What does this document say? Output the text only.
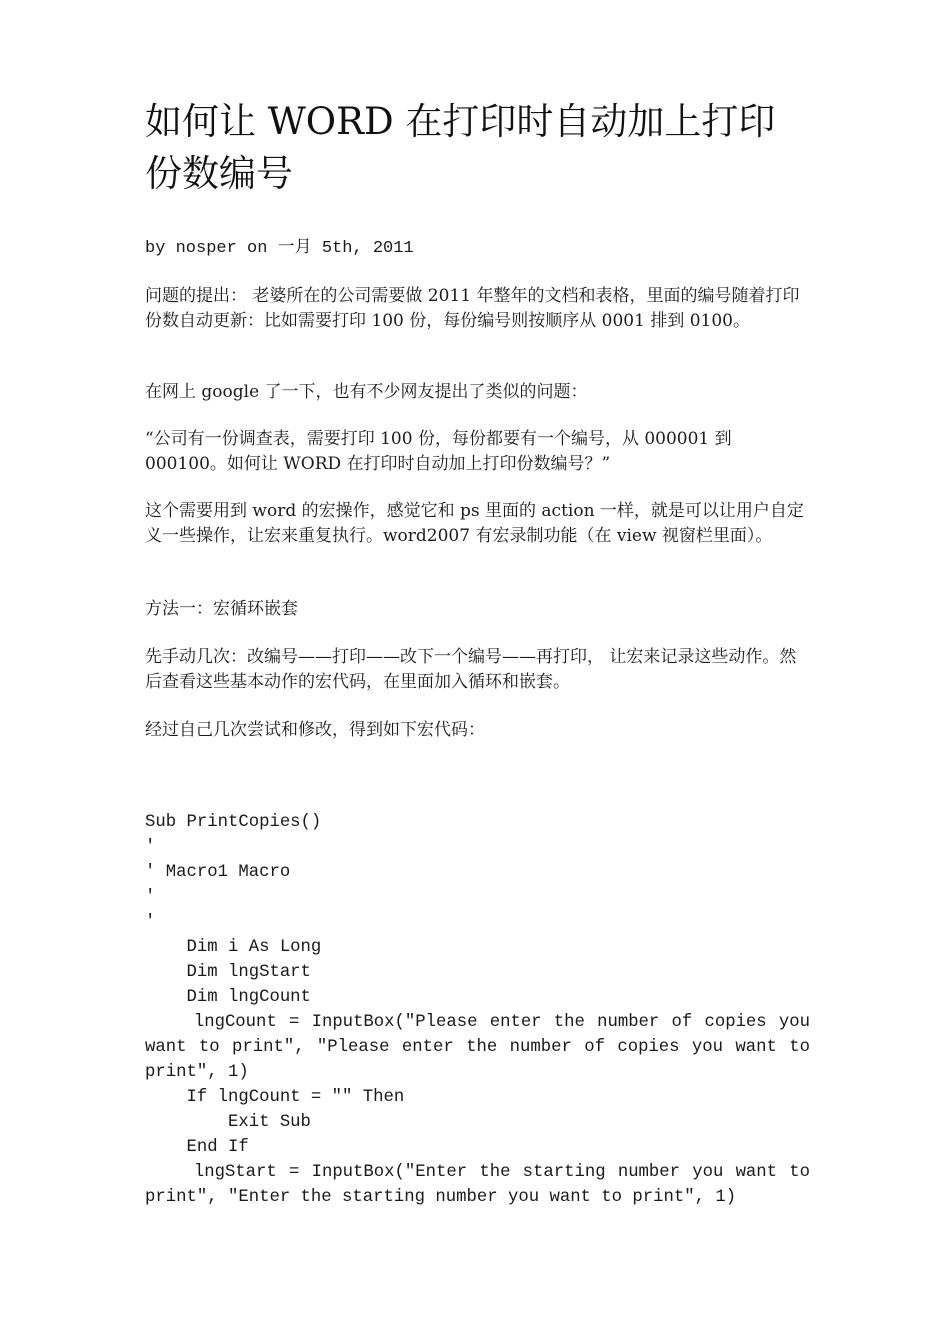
如何让 WORD 在打印时自动加上打印份数编号
by nosper on 一月 5th, 2011

问题的提出： 老婆所在的公司需要做 2011 年整年的文档和表格，里面的编号随着打印份数自动更新：比如需要打印 100 份，每份编号则按顺序从 0001 排到 0100。

在网上 google 了一下，也有不少网友提出了类似的问题：

“公司有一份调查表，需要打印 100 份，每份都要有一个编号，从 000001 到 000100。如何让 WORD 在打印时自动加上打印份数编号？”

这个需要用到 word 的宏操作，感觉它和 ps 里面的 action 一样，就是可以让用户自定义一些操作，让宏来重复执行。word2007 有宏录制功能（在 view 视窗栏里面）。

方法一：宏循环嵌套

先手动几次：改编号——打印——改下一个编号——再打印， 让宏来记录这些动作。然后查看这些基本动作的宏代码，在里面加入循环和嵌套。

经过自己几次尝试和修改，得到如下宏代码：

Sub PrintCopies()
'
' Macro1 Macro
'
'
Dim i As Long
Dim lngStart
Dim lngCount
lngCount = InputBox("Please enter the number of copies you want to print", "Please enter the number of copies you want to print", 1)
If lngCount = "" Then
Exit Sub
End If
lngStart = InputBox("Enter the starting number you want to print", "Enter the starting number you want to print", 1)
